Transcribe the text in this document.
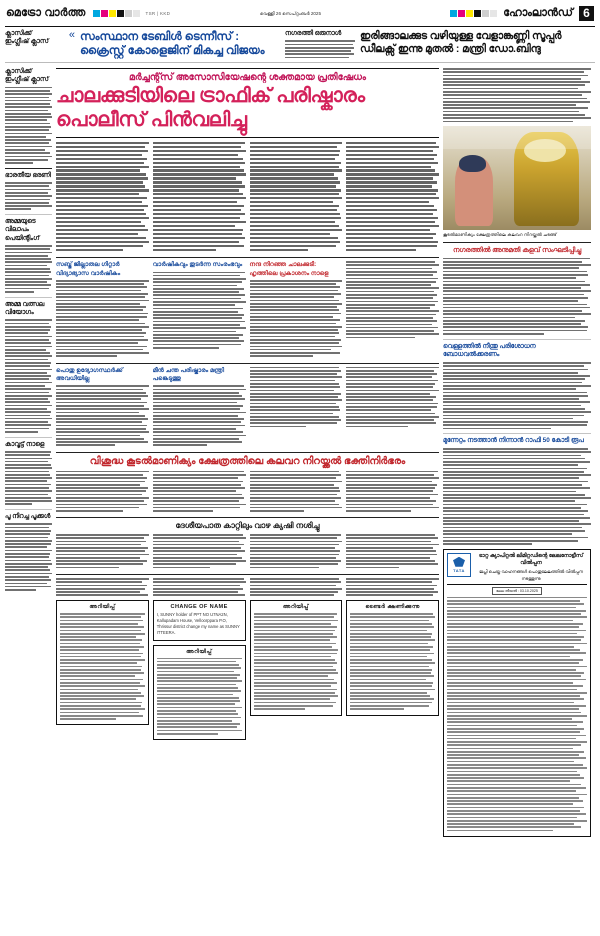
മെട്രോ വാർത്ത	TSR | KKD	വെള്ളി 26 സെപ്റ്റംബർ 2025	ഹോംലാൻഡ് 6
ക്ലാസിക്ക് ഇംഗ്ലീഷ് ക്ലാസ്
« സംസ്ഥാന ടേബിൾ ടെന്നീസ് :
ക്രൈസ്റ്റ് കോളെജിന് മികച്ച വിജയം
നഗരത്തി ഒരുനാൾ	ഇരിങ്ങാലക്കുട വഴിയുള്ള വേളാങ്കണ്ണി സൂപ്പർ
ഡീലക്സ് ഇന്നു മുതൽ : മന്ത്രി ഡോ.ബിന്ദു
ക്ലാസിക്ക് ഇംഗ്ലീഷ് ക്ലാസ്
ഭാരതീയ ഭരണി
അമ്മയുടെ വിലാപം പെയിന്റിംഗ്
അമ്മ വത്സല വിയോഗം
കാവൂട്ട് നാളെ
പൂ നിറച്ച പൂക്കൾ
മർച്ചന്റ്സ് അസോസിയേഷന്റെ ശക്തമായ പ്രതിഷേധം
ചാലക്കുടിയിലെ ട്രാഫിക് പരിഷ്കാരം
പൊലീസ് പിൻവലിച്ചു
സബ്ജ് ജില്ലാതല ഗിറ്റാർ വിദ്യാഭ്യാസ വാർഷികം
വാർഷികവും തുടർന്ന സംരംഭവും	നന്ദ നിറഞ്ഞ ചാലക്കുടി: ഹൃത്തിലെ പ്രകാശനം നാളെ
പൊതു ഉദ്യോഗസ്ഥർക്ക് അവധിയില്ല
മീൻ ചന്ത പരിഷ്കാരം മന്ത്രി പങ്കെടുത്തു
വിശുദ്ധ കൂടൽമാണിക്യം ക്ഷേത്രത്തിലെ കലവറ നിറയ്ക്കൽ ഭക്തിനിർഭരം
ദേശീയപാത കാറ്റിലും വാഴ ക്യഷി നശിച്ചു
അറിയിപ്പ്	CHANGE OF NAME
I, SUNNY holder of PPT NO U7NA2N, Kallupadam House, Velloorppara P.O, Thrissur district change my name as SUNNY ITTEERA.
അറിയിപ്പ്
അറിയിപ്പ്	ടെണ്ടർ ക്ഷണിക്കുന്നു
കൂടൽമാണിക്യം ക്ഷേത്രത്തിലെ കലവറ നിറയ്ക്കൽ ചടങ്ങ്
നഗരത്തിൽ അനുമതി കളവ് സംഘടിപ്പിച്ചു
വെള്ളത്തിൽ നീന്തു പരിശോധന ബോധവൽക്കരണം
മുന്നേറ്റം നടത്താൻ നിന്നാൻ റാഫി 50 കോടി രൂപ
TATA
ടാറ്റ ക്യാപിറ്റൽ ലിമിറ്റഡിന്റെ ലേലനോട്ടീസ് വിൽപ്പന
ജപ്തി ചെയ്ത വാഹനങ്ങൾ പൊതുലേലത്തിൽ വിൽപ്പന നടത്തുന്നു
ലേല തീയതി : 03.10.2025
